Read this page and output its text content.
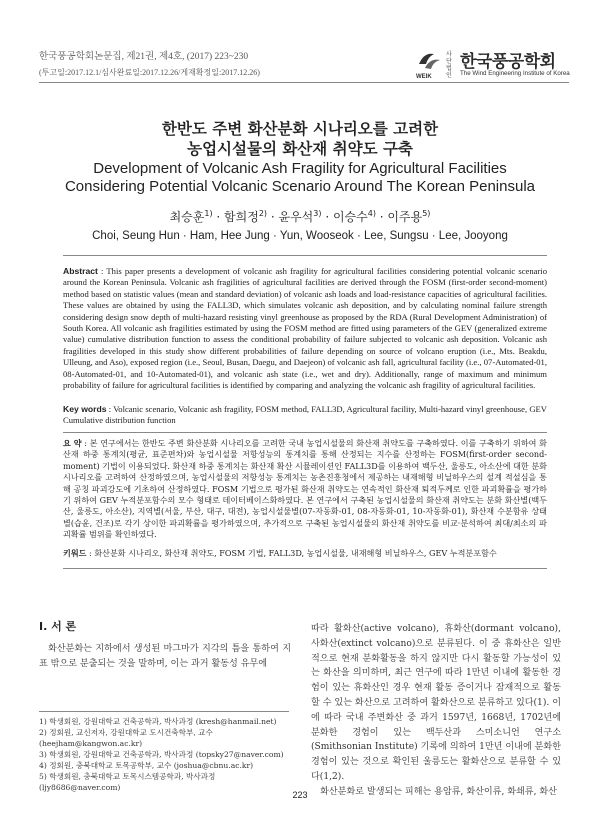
한국풍공학회논문집, 제21권, 제4호, (2017) 223~230
(투고일:2017.12.1/심사완료일:2017.12.26/게재확정일:2017.12.26)	WEIK
사단 법인
한국풍공학회
The Wind Engineering Institute of Korea
한반도 주변 화산분화 시나리오를 고려한
농업시설물의 화산재 취약도 구축
Development of Volcanic Ash Fragility for Agricultural Facilities
Considering Potential Volcanic Scenario Around The Korean Peninsula
최승훈$^{1)}$ · 함희정$^{2)}$ · 윤우석$^{3)}$ · 이승수$^{4)}$ · 이주용$^{5)}$
Choi, Seung Hun · Ham, Hee Jung · Yun, Wooseok · Lee, Sungsu · Lee, Jooyong
Abstract : This paper presents a development of volcanic ash fragility for agricultural facilities considering potential volcanic scenario around the Korean Peninsula. Volcanic ash fragilities of agricultural facilities are derived through the FOSM (first-order second-moment) method based on statistic values (mean and standard deviation) of volcanic ash loads and load-resistance capacities of agricultural facilities. These values are obtained by using the FALL3D, which simulates volcanic ash deposition, and by calculating nominal failure strength considering design snow depth of multi-hazard resisting vinyl greenhouse as proposed by the RDA (Rural Development Administration) of South Korea. All volcanic ash fragilities estimated by using the FOSM method are fitted using parameters of the GEV (generalized extreme value) cumulative distribution function to assess the conditional probability of failure subjected to volcanic ash deposition. Volcanic ash fragilities developed in this study show different probabilities of failure depending on source of volcano eruption (i.e., Mts. Beakdu, Ulleung, and Aso), exposed region (i.e., Seoul, Busan, Daegu, and Daejeon) of volcanic ash fall, agricultural facility (i.e., 07-Automated-01, 08-Automated-01, and 10-Automated-01), and volcanic ash state (i.e., wet and dry). Additionally, range of maximum and minimum probability of failure for agricultural facilities is identified by comparing and analyzing the volcanic ash fragility of agricultural facilities.
Key words : Volcanic scenario, Volcanic ash fragility, FOSM method, FALL3D, Agricultural facility, Multi-hazard vinyl greenhouse, GEV Cumulative distribution function
요 약 : 본 연구에서는 한반도 주변 화산분화 시나리오를 고려한 국내 농업시설물의 화산재 취약도를 구축하였다. 이를 구축하기 위하여 화산재 하중 통계치(평균, 표준편차)와 농업시설물 저항성능의 통계치를 통해 산정되는 지수를 산정하는 FOSM(first-order second-moment) 기법이 이용되었다. 화산재 하중 통계치는 화산재 확산 시뮬레이션인 FALL3D를 이용하여 백두산, 울릉도, 아소산에 대한 분화 시나리오를 고려하여 산정하였으며, 농업시설물의 저항성능 통계치는 농촌진흥청에서 제공하는 내재해형 비닐하우스의 설계 적설심을 통해 공칭 파괴강도에 기초하여 산정하였다. FOSM 기법으로 평가된 화산재 취약도는 연속적인 화산재 퇴적두께로 인한 파괴확률을 평가하기 위하여 GEV 누적분포함수의 모수 형태로 데이터베이스화하였다. 본 연구에서 구축된 농업시설물의 화산재 취약도는 분화 화산별(백두산, 울릉도, 아소산), 지역별(서울, 부산, 대구, 대전), 농업시설물별(07-자동화-01, 08-자동화-01, 10-자동화-01), 화산재 수분함유 상태별(습윤, 건조)로 각기 상이한 파괴확률을 평가하였으며, 추가적으로 구축된 농업시설물의 화산재 취약도를 비교·분석하여 최대/최소의 파괴확률 범위를 확인하였다.
키워드 : 화산분화 시나리오, 화산재 취약도, FOSM 기법, FALL3D, 농업시설물, 내재해형 비닐하우스, GEV 누적분포함수
I. 서 론
화산분화는 지하에서 생성된 마그마가 지각의 틈을 통하여 지표 밖으로 분출되는 것을 말하며, 이는 과거 활동성 유무에
1) 학생회원, 강원대학교 건축공학과, 박사과정 (kresh@hanmail.net)
2) 정회원, 교신저자, 강원대학교 도시건축학부, 교수
(heejham@kangwon.ac.kr)
3) 학생회원, 강원대학교 건축공학과, 박사과정 (topsky27@naver.com)
4) 정회원, 충북대학교 토목공학부, 교수 (joshua@cbnu.ac.kr)
5) 학생회원, 충북대학교 토목시스템공학과, 박사과정
(ljy8686@naver.com)
따라 활화산(active volcano), 휴화산(dormant volcano), 사화산(extinct volcano)으로 분류된다. 이 중 휴화산은 일반적으로 현재 분화활동을 하지 않지만 다시 활동할 가능성이 있는 화산을 의미하며, 최근 연구에 따라 1만년 이내에 활동한 경험이 있는 휴화산인 경우 현재 활동 증이거나 잠재적으로 활동할 수 있는 화산으로 고려하여 활화산으로 분류하고 있다(1). 이에 따라 국내 주변화산 중 과거 1597년, 1668년, 1702년에 분화한 경험이 있는 백두산과 스미소니언 연구소(Smithsonian Institute) 기록에 의하여 1만년 이내에 분화한 경험이 있는 것으로 확인된 울릉도는 활화산으로 분류할 수 있다(1,2).
화산분화로 발생되는 피해는 용암류, 화산이류, 화쇄류, 화산
223
